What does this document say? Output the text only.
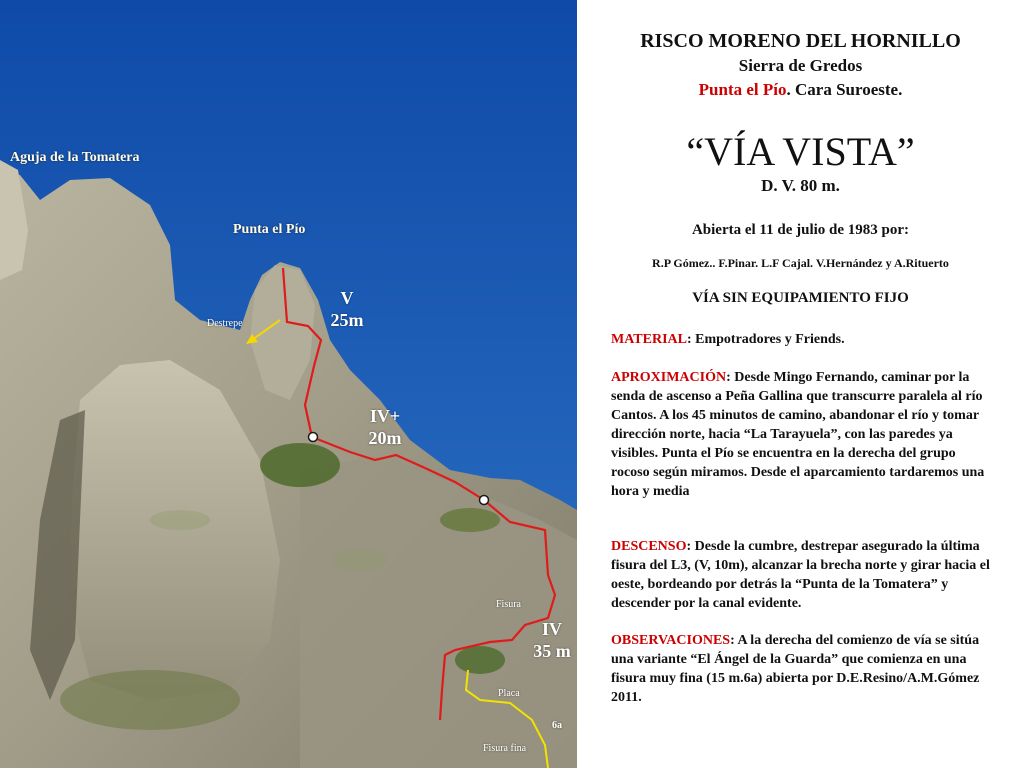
Aguja de la Tomatera
Punta el Pío
Destrepe
V
25m
IV+
20m
IV
35 m
Fisura
Placa
6a
Fisura fina
RISCO MORENO DEL HORNILLO
Sierra de Gredos
Punta el Pío. Cara Suroeste.
“VÍA VISTA”
D. V. 80 m.
Abierta el 11 de julio de 1983 por:
R.P Gómez.. F.Pinar. L.F Cajal. V.Hernández y A.Rituerto
VÍA SIN EQUIPAMIENTO FIJO
MATERIAL: Empotradores y Friends.
APROXIMACIÓN: Desde Mingo Fernando, caminar por la senda de ascenso a Peña Gallina que transcurre paralela al río Cantos. A los 45 minutos de camino, abandonar el río y tomar dirección norte, hacia “La Tarayuela”, con las paredes ya visibles. Punta el Pío se encuentra en la derecha del grupo rocoso según miramos. Desde el aparcamiento tardaremos una hora y media
DESCENSO: Desde la cumbre, destrepar asegurado la última fisura del L3, (V, 10m), alcanzar la brecha norte y girar hacia el oeste, bordeando por detrás la “Punta de la Tomatera” y descender por la canal evidente.
OBSERVACIONES: A la derecha del comienzo de vía se sitúa una variante “El Ángel de la Guarda” que comienza en una fisura muy fina (15 m.6a) abierta por D.E.Resino/A.M.Gómez 2011.
